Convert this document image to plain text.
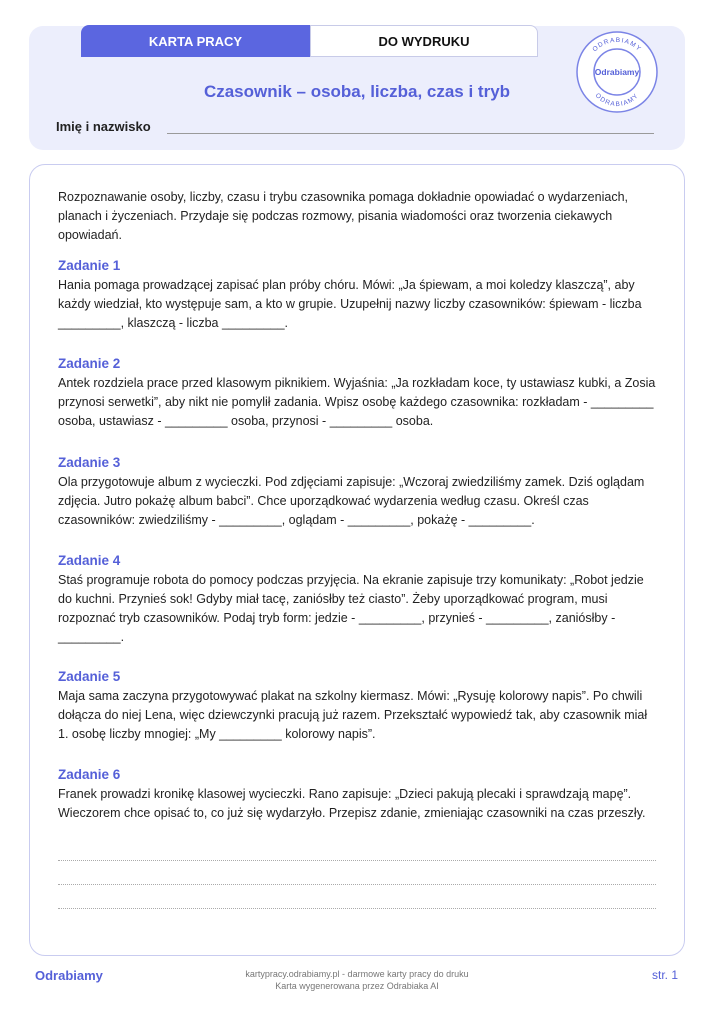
KARTA PRACY	DO WYDRUKU
Czasownik – osoba, liczba, czas i tryb
Imię i nazwisko
ODRABIAMY
ODRABIAMY
Odrabiamy
Rozpoznawanie osoby, liczby, czasu i trybu czasownika pomaga dokładnie opowiadać o wydarzeniach, planach i życzeniach. Przydaje się podczas rozmowy, pisania wiadomości oraz tworzenia ciekawych opowiadań.
Zadanie 1
Hania pomaga prowadzącej zapisać plan próby chóru. Mówi: „Ja śpiewam, a moi koledzy klaszczą”, aby każdy wiedział, kto występuje sam, a kto w grupie. Uzupełnij nazwy liczby czasowników: śpiewam - liczba _________, klaszczą - liczba _________.
Zadanie 2
Antek rozdziela prace przed klasowym piknikiem. Wyjaśnia: „Ja rozkładam koce, ty ustawiasz kubki, a Zosia przynosi serwetki”, aby nikt nie pomylił zadania. Wpisz osobę każdego czasownika: rozkładam - _________ osoba, ustawiasz - _________ osoba, przynosi - _________ osoba.
Zadanie 3
Ola przygotowuje album z wycieczki. Pod zdjęciami zapisuje: „Wczoraj zwiedziliśmy zamek. Dziś oglądam zdjęcia. Jutro pokażę album babci”. Chce uporządkować wydarzenia według czasu. Określ czas czasowników: zwiedziliśmy - _________, oglądam - _________, pokażę - _________.
Zadanie 4
Staś programuje robota do pomocy podczas przyjęcia. Na ekranie zapisuje trzy komunikaty: „Robot jedzie do kuchni. Przynieś sok! Gdyby miał tacę, zaniósłby też ciasto”. Żeby uporządkować program, musi rozpoznać tryb czasowników. Podaj tryb form: jedzie - _________, przynieś - _________, zaniósłby - _________.
Zadanie 5
Maja sama zaczyna przygotowywać plakat na szkolny kiermasz. Mówi: „Rysuję kolorowy napis”. Po chwili dołącza do niej Lena, więc dziewczynki pracują już razem. Przekształć wypowiedź tak, aby czasownik miał 1. osobę liczby mnogiej: „My _________ kolorowy napis”.
Zadanie 6
Franek prowadzi kronikę klasowej wycieczki. Rano zapisuje: „Dzieci pakują plecaki i sprawdzają mapę”. Wieczorem chce opisać to, co już się wydarzyło. Przepisz zdanie, zmieniając czasowniki na czas przeszły.
Odrabiamy	kartypracy.odrabiamy.pl - darmowe karty pracy do druku
Karta wygenerowana przez Odrabiaka AI
str. 1
